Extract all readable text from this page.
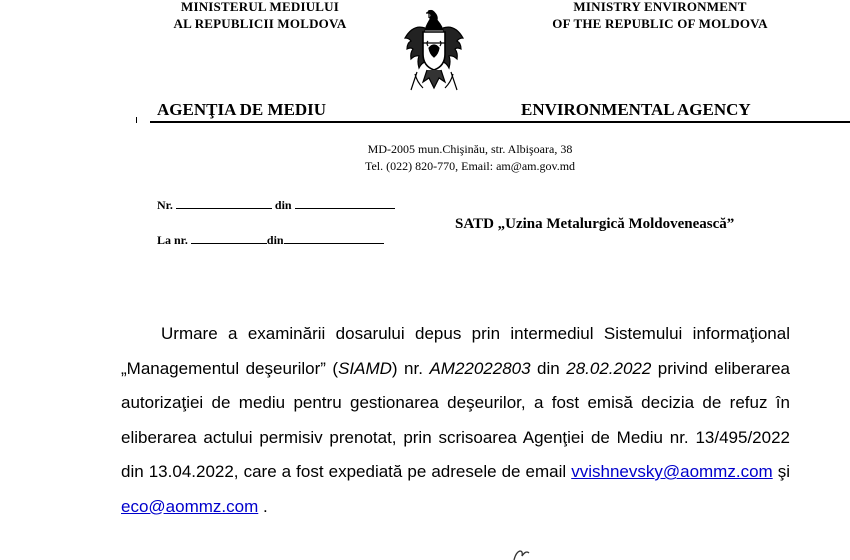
MINISTERUL MEDIULUI
AL REPUBLICII MOLDOVA
MINISTRY ENVIRONMENT
OF THE REPUBLIC OF MOLDOVA
AGENŢIA DE MEDIU	ENVIRONMENTAL AGENCY
MD-2005 mun.Chişinău, str. Albişoara, 38
Tel. (022) 820-770, Email: am@am.gov.md
Nr.	din
La nr.	din
SATD „Uzina Metalurgică Moldovenească”
Urmare a examinării dosarului depus prin intermediul Sistemului informaţional „Managementul deşeurilor” (SIAMD) nr. AM22022803 din 28.02.2022 privind eliberarea autorizaţiei de mediu pentru gestionarea deşeurilor, a fost emisă decizia de refuz în eliberarea actului permisiv prenotat, prin scrisoarea Agenţiei de Mediu nr. 13/495/2022 din 13.04.2022, care a fost expediată pe adresele de email vvishnevsky@aommz.com şi eco@aommz.com .
